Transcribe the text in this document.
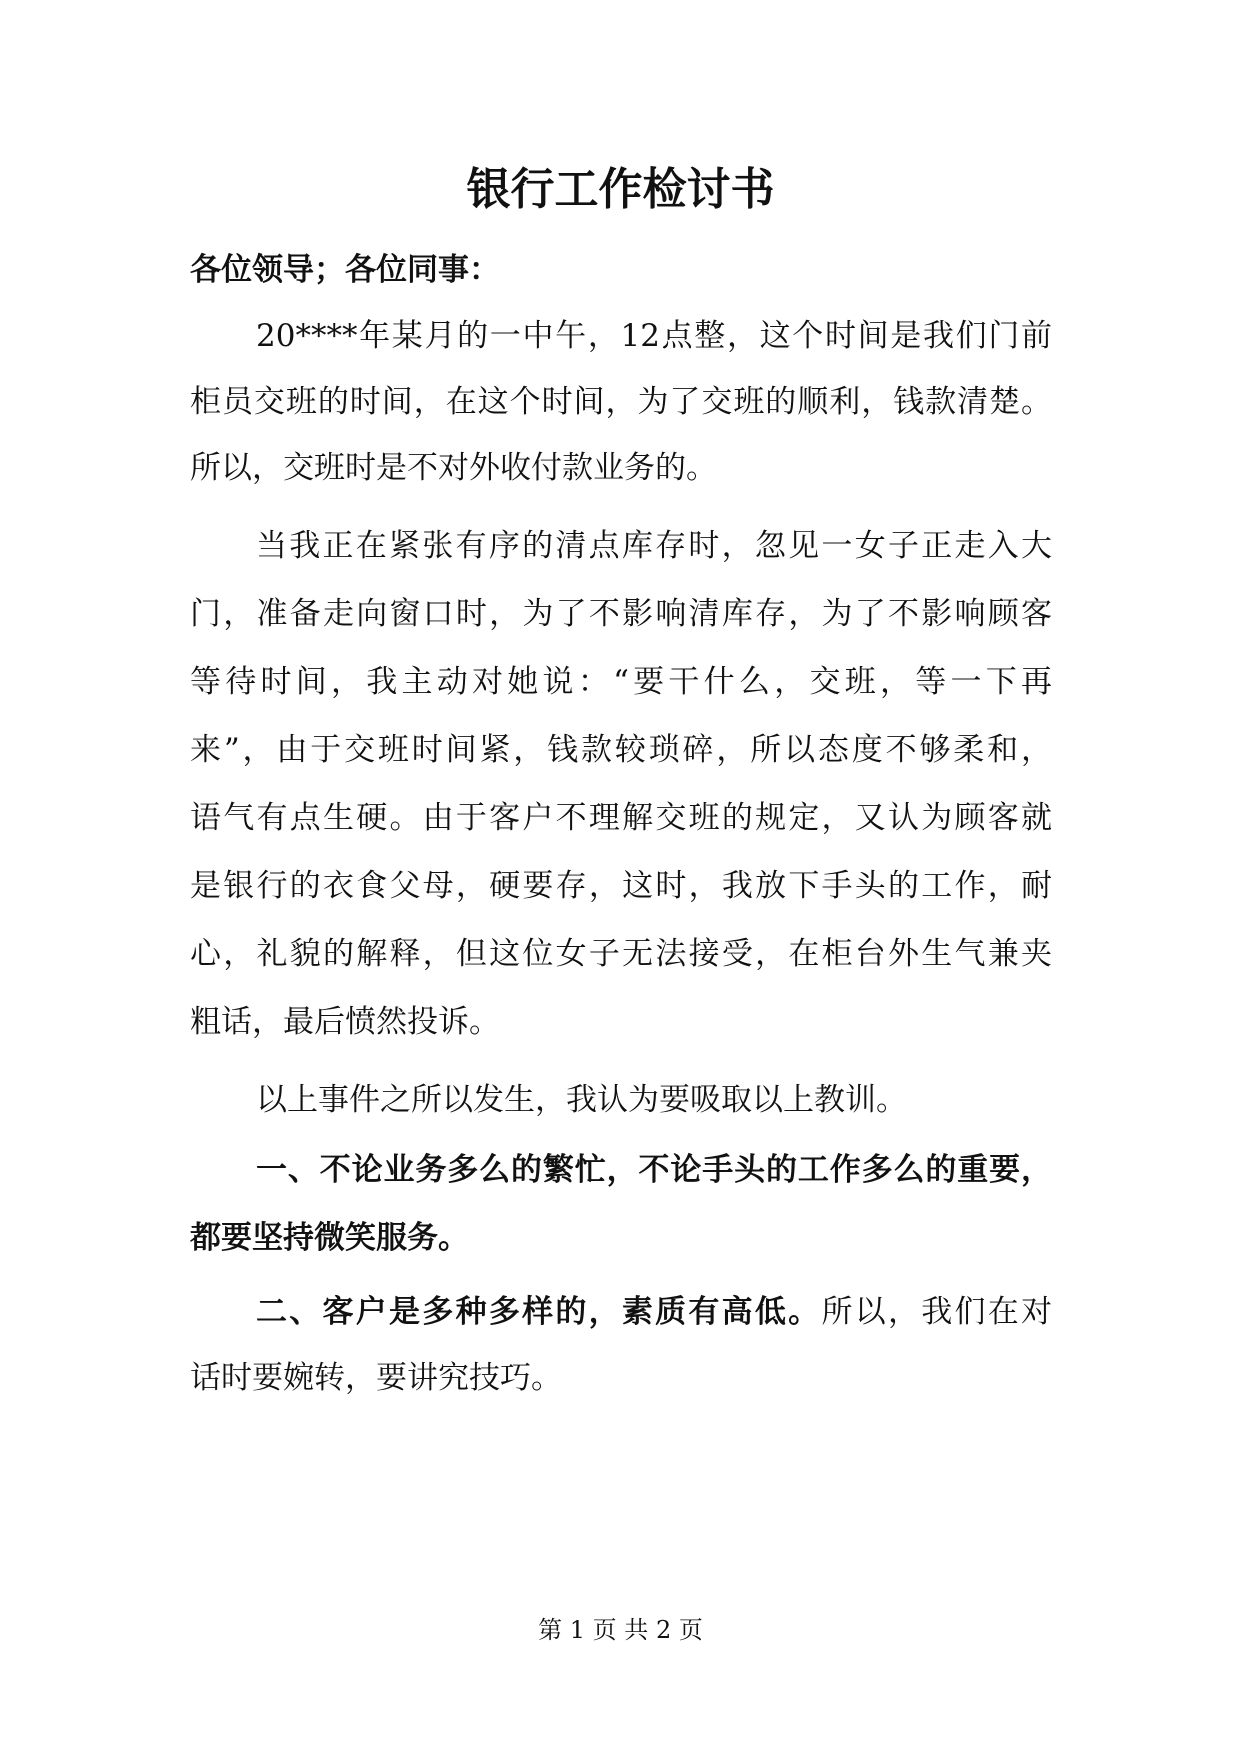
银行工作检讨书

各位领导；各位同事：

20****年某月的一中午，12点整，这个时间是我们门前

柜员交班的时间，在这个时间，为了交班的顺利，钱款清楚。

所以，交班时是不对外收付款业务的。

当我正在紧张有序的清点库存时，忽见一女子正走入大

门，准备走向窗口时，为了不影响清库存，为了不影响顾客

等待时间，我主动对她说：“要干什么，交班，等一下再

来”，由于交班时间紧，钱款较琐碎，所以态度不够柔和，

语气有点生硬。由于客户不理解交班的规定，又认为顾客就

是银行的衣食父母，硬要存，这时，我放下手头的工作，耐

心，礼貌的解释，但这位女子无法接受，在柜台外生气兼夹

粗话，最后愤然投诉。

以上事件之所以发生，我认为要吸取以上教训。

一、不论业务多么的繁忙，不论手头的工作多么的重要，

都要坚持微笑服务。

二、客户是多种多样的，素质有高低。所以，我们在对

话时要婉转，要讲究技巧。

第 1 页 共 2 页
